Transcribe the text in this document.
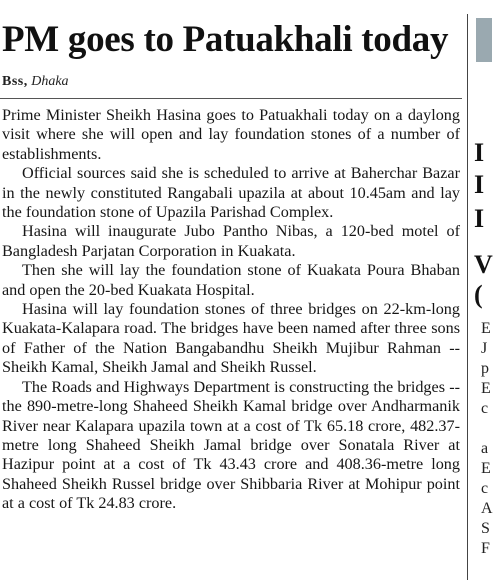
PM goes to Patuakhali today
Bss, Dhaka

Prime Minister Sheikh Hasina goes to Patuakhali today on a daylong visit where she will open and lay foundation stones of a number of establishments.

Official sources said she is scheduled to arrive at Baherchar Bazar in the newly constituted Rangabali upazila at about 10.45am and lay the foundation stone of Upazila Parishad Complex.

Hasina will inaugurate Jubo Pantho Nibas, a 120-bed motel of Bangladesh Parjatan Corporation in Kuakata.

Then she will lay the foundation stone of Kuakata Poura Bhaban and open the 20-bed Kuakata Hospital.

Hasina will lay foundation stones of three bridges on 22-km-long Kuakata-Kalapara road. The bridges have been named after three sons of Father of the Nation Bangabandhu Sheikh Mujibur Rahman -- Sheikh Kamal, Sheikh Jamal and Sheikh Russel.

The Roads and Highways Department is constructing the bridges -- the 890-metre-long Shaheed Sheikh Kamal bridge over Andharmanik River near Kalapara upazila town at a cost of Tk 65.18 crore, 482.37-metre long Shaheed Sheikh Jamal bridge over Sonatala River at Hazipur point at a cost of Tk 43.43 crore and 408.36-metre long Shaheed Sheikh Russel bridge over Shibbaria River at Mohipur point at a cost of Tk 24.83 crore.

I
I
I
V
(
E
J
p
E
c
a
E
c
A
S
F
